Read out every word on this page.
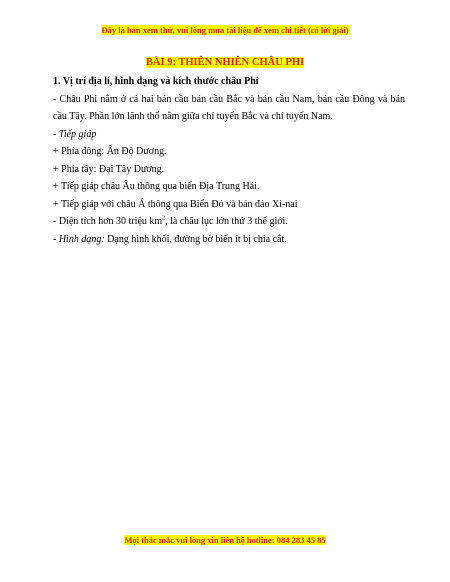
Đây là bản xem thử, vui lòng mua tài liệu để xem chi tiết (có lời giải)
BÀI 9: THIÊN NHIÊN CHÂU PHI

1. Vị trí địa lí, hình dạng và kích thước châu Phi

- Châu Phi nằm ở cả hai bán cầu bán cầu Bắc và bán cầu Nam, bán cầu Đông và bán cầu Tây. Phần lớn lãnh thổ nằm giữa chí tuyến Bắc và chí tuyến Nam.

- Tiếp giáp

+ Phía đông: Ấn Độ Dương.

+ Phía tây: Đại Tây Dương.

+ Tiếp giáp châu Âu thông qua biển Địa Trung Hải.

+ Tiếp giáp với châu Á thông qua Biển Đỏ và bán đảo Xi-nai

- Diện tích hơn 30 triệu $km^2$, là châu lục lớn thứ 3 thế giới.

- Hình dạng: Dạng hình khối, đường bờ biển ít bị chia cắt.

Mọi thắc mắc vui lòng xin liên hệ hotline: 084 283 45 85
